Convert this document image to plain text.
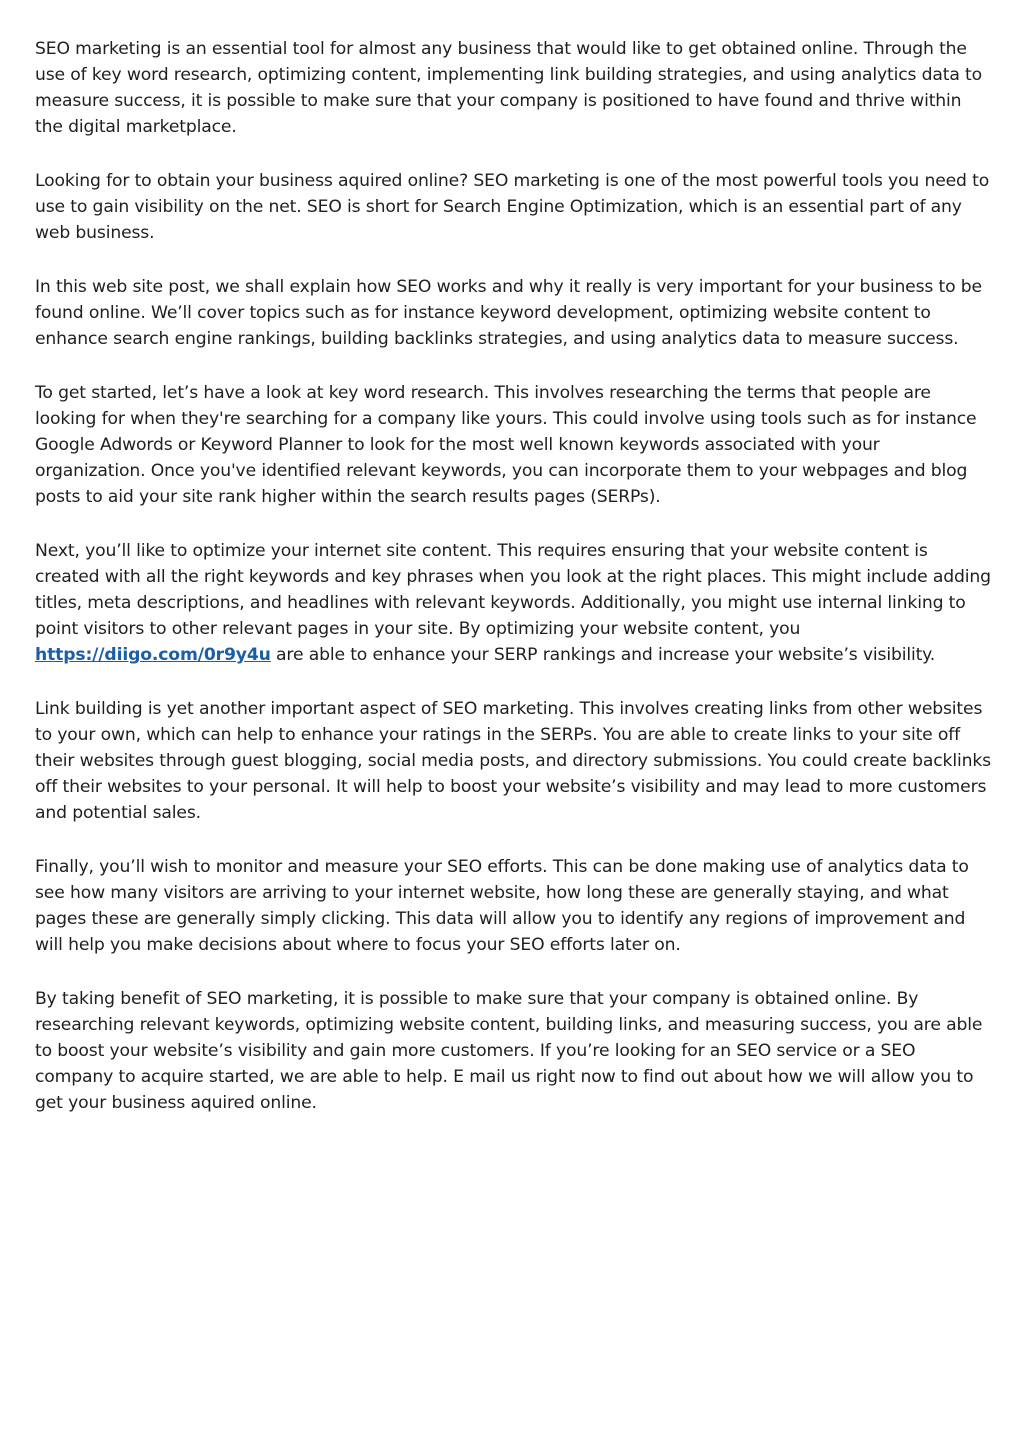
SEO marketing is an essential tool for almost any business that would like to get obtained online. Through the use of key word research, optimizing content, implementing link building strategies, and using analytics data to measure success, it is possible to make sure that your company is positioned to have found and thrive within the digital marketplace.

Looking for to obtain your business aquired online? SEO marketing is one of the most powerful tools you need to use to gain visibility on the net. SEO is short for Search Engine Optimization, which is an essential part of any web business.

In this web site post, we shall explain how SEO works and why it really is very important for your business to be found online. We’ll cover topics such as for instance keyword development, optimizing website content to enhance search engine rankings, building backlinks strategies, and using analytics data to measure success.

To get started, let’s have a look at key word research. This involves researching the terms that people are looking for when they're searching for a company like yours. This could involve using tools such as for instance Google Adwords or Keyword Planner to look for the most well known keywords associated with your organization. Once you've identified relevant keywords, you can incorporate them to your webpages and blog posts to aid your site rank higher within the search results pages (SERPs).

Next, you’ll like to optimize your internet site content. This requires ensuring that your website content is created with all the right keywords and key phrases when you look at the right places. This might include adding titles, meta descriptions, and headlines with relevant keywords. Additionally, you might use internal linking to point visitors to other relevant pages in your site. By optimizing your website content, you https://diigo.com/0r9y4u are able to enhance your SERP rankings and increase your website’s visibility.

Link building is yet another important aspect of SEO marketing. This involves creating links from other websites to your own, which can help to enhance your ratings in the SERPs. You are able to create links to your site off their websites through guest blogging, social media posts, and directory submissions. You could create backlinks off their websites to your personal. It will help to boost your website’s visibility and may lead to more customers and potential sales.

Finally, you’ll wish to monitor and measure your SEO efforts. This can be done making use of analytics data to see how many visitors are arriving to your internet website, how long these are generally staying, and what pages these are generally simply clicking. This data will allow you to identify any regions of improvement and will help you make decisions about where to focus your SEO efforts later on.

By taking benefit of SEO marketing, it is possible to make sure that your company is obtained online. By researching relevant keywords, optimizing website content, building links, and measuring success, you are able to boost your website’s visibility and gain more customers. If you’re looking for an SEO service or a SEO company to acquire started, we are able to help. E mail us right now to find out about how we will allow you to get your business aquired online.
